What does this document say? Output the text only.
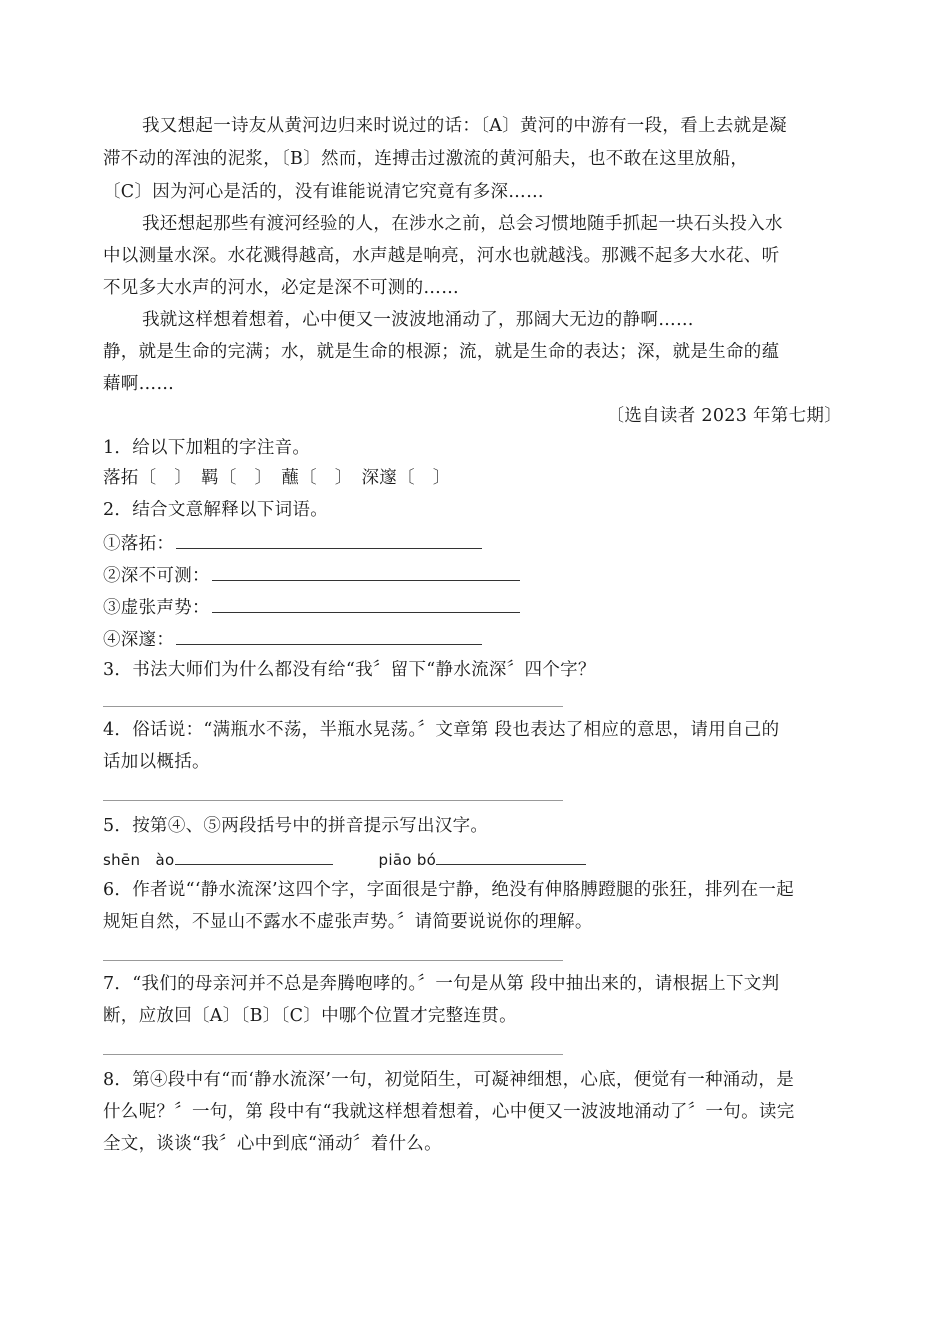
我又想起一诗友从黄河边归来时说过的话：〔A〕黄河的中游有一段，看上去就是凝
滞不动的浑浊的泥浆，〔B〕然而，连搏击过激流的黄河船夫，也不敢在这里放船，
〔C〕因为河心是活的，没有谁能说清它究竟有多深……
我还想起那些有渡河经验的人，在涉水之前，总会习惯地随手抓起一块石头投入水
中以测量水深。水花溅得越高，水声越是响亮，河水也就越浅。那溅不起多大水花、听
不见多大水声的河水，必定是深不可测的……
我就这样想着想着，心中便又一波波地涌动了，那阔大无边的静啊……
静，就是生命的完满；水，就是生命的根源；流，就是生命的表达；深，就是生命的蕴
藉啊……
〔选自读者 2023 年第七期〕
1．给以下加粗的字注音。
落拓〔　〕　羁〔　〕　蘸〔　〕　深邃〔　〕
2．结合文意解释以下词语。
①落拓：
②深不可测：
③虚张声势：
④深邃：
3．书法大师们为什么都没有给“我〞留下“静水流深〞四个字？
4．俗话说：“满瓶水不荡，半瓶水晃荡。〞文章第 段也表达了相应的意思，请用自己的
话加以概括。
5．按第④、⑤两段括号中的拼音提示写出汉字。
shēn　ào	piāo bó
6．作者说“‘静水流深’这四个字，字面很是宁静，绝没有伸胳膊蹬腿的张狂，排列在一起
规矩自然，不显山不露水不虚张声势。〞请简要说说你的理解。
7．“我们的母亲河并不总是奔腾咆哮的。〞一句是从第 段中抽出来的，请根据上下文判
断，应放回〔A〕〔B〕〔C〕中哪个位置才完整连贯。
8．第④段中有“而‘静水流深’一句，初觉陌生，可凝神细想，心底，便觉有一种涌动，是
什么呢？〞一句，第 段中有“我就这样想着想着，心中便又一波波地涌动了〞一句。读完
全文，谈谈“我〞心中到底“涌动〞着什么。
